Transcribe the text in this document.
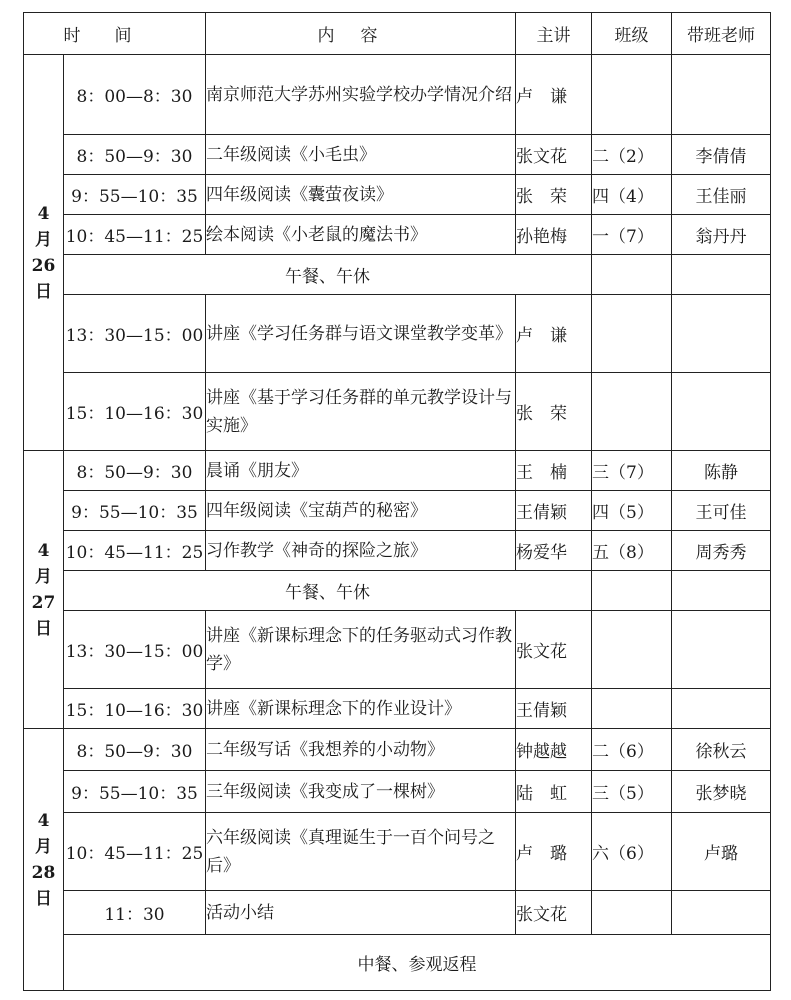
时间		内容	主讲	班级	带班老师

4
月
26
日	8：00—8：30	南京师范大学苏州实验学校办学情况介绍	卢谦		
	8：50—9：30	二年级阅读《小毛虫》	张文花	二（2）	李倩倩
	9：55—10：35	四年级阅读《囊萤夜读》	张荣	四（4）	王佳丽
	10：45—11：25	绘本阅读《小老鼠的魔法书》	孙艳梅	一（7）	翁丹丹
	午餐、午休				
	13：30—15：00	讲座《学习任务群与语文课堂教学变革》	卢谦		
	15：10—16：30	讲座《基于学习任务群的单元教学设计与实施》	张荣		

4
月
27
日	8：50—9：30	晨诵《朋友》	王楠	三（7）	陈静
	9：55—10：35	四年级阅读《宝葫芦的秘密》	王倩颖	四（5）	王可佳
	10：45—11：25	习作教学《神奇的探险之旅》	杨爱华	五（8）	周秀秀
	午餐、午休				
	13：30—15：00	讲座《新课标理念下的任务驱动式习作教学》	张文花		
	15：10—16：30	讲座《新课标理念下的作业设计》	王倩颖		

4
月
28
日	8：50—9：30	二年级写话《我想养的小动物》	钟越越	二（6）	徐秋云
	9：55—10：35	三年级阅读《我变成了一棵树》	陆虹	三（5）	张梦晓
	10：45—11：25	六年级阅读《真理诞生于一百个问号之后》	卢璐	六（6）	卢璐
	11：30	活动小结	张文花		
	中餐、参观返程				
